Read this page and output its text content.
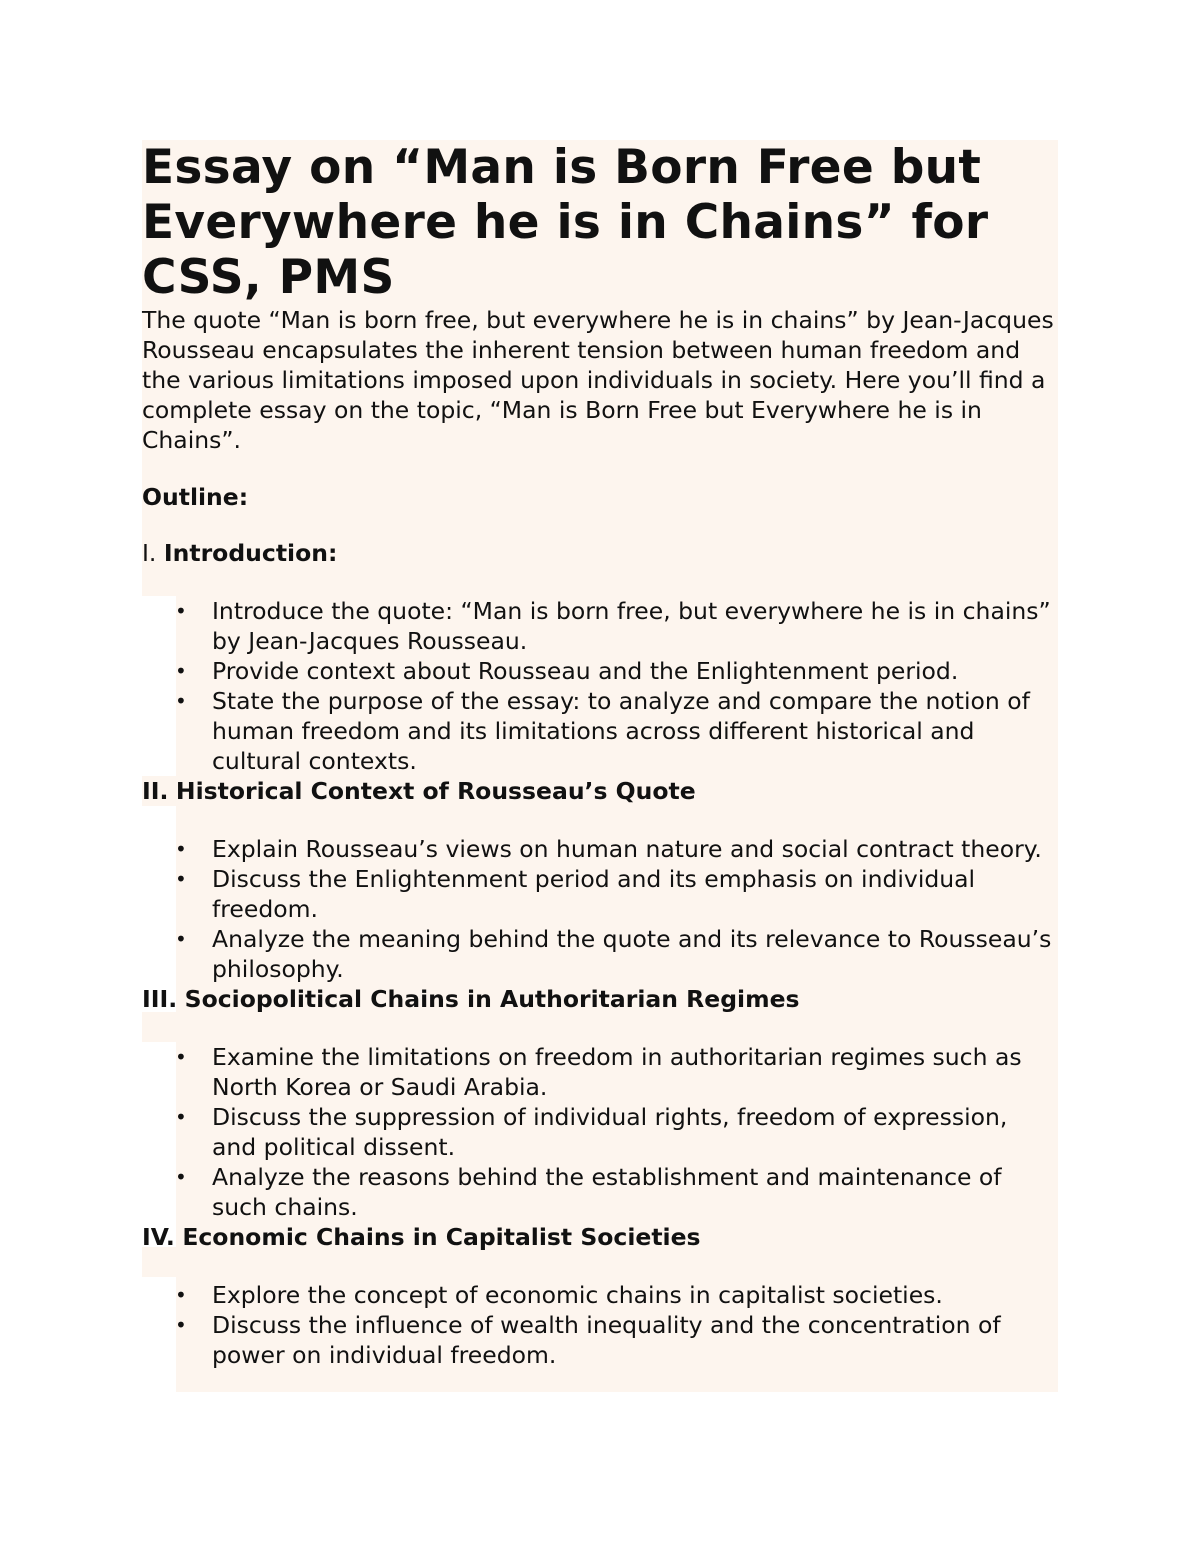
Essay on “Man is Born Free but Everywhere he is in Chains” for CSS, PMS

The quote “Man is born free, but everywhere he is in chains” by Jean-Jacques Rousseau encapsulates the inherent tension between human freedom and the various limitations imposed upon individuals in society. Here you’ll find a complete essay on the topic, “Man is Born Free but Everywhere he is in Chains”.

Outline:
I. Introduction:
• Introduce the quote: “Man is born free, but everywhere he is in chains” by Jean-Jacques Rousseau.
• Provide context about Rousseau and the Enlightenment period.
• State the purpose of the essay: to analyze and compare the notion of human freedom and its limitations across different historical and cultural contexts.
II. Historical Context of Rousseau’s Quote
• Explain Rousseau’s views on human nature and social contract theory.
• Discuss the Enlightenment period and its emphasis on individual freedom.
• Analyze the meaning behind the quote and its relevance to Rousseau’s philosophy.
III. Sociopolitical Chains in Authoritarian Regimes
• Examine the limitations on freedom in authoritarian regimes such as North Korea or Saudi Arabia.
• Discuss the suppression of individual rights, freedom of expression, and political dissent.
• Analyze the reasons behind the establishment and maintenance of such chains.
IV. Economic Chains in Capitalist Societies
• Explore the concept of economic chains in capitalist societies.
• Discuss the influence of wealth inequality and the concentration of power on individual freedom.
